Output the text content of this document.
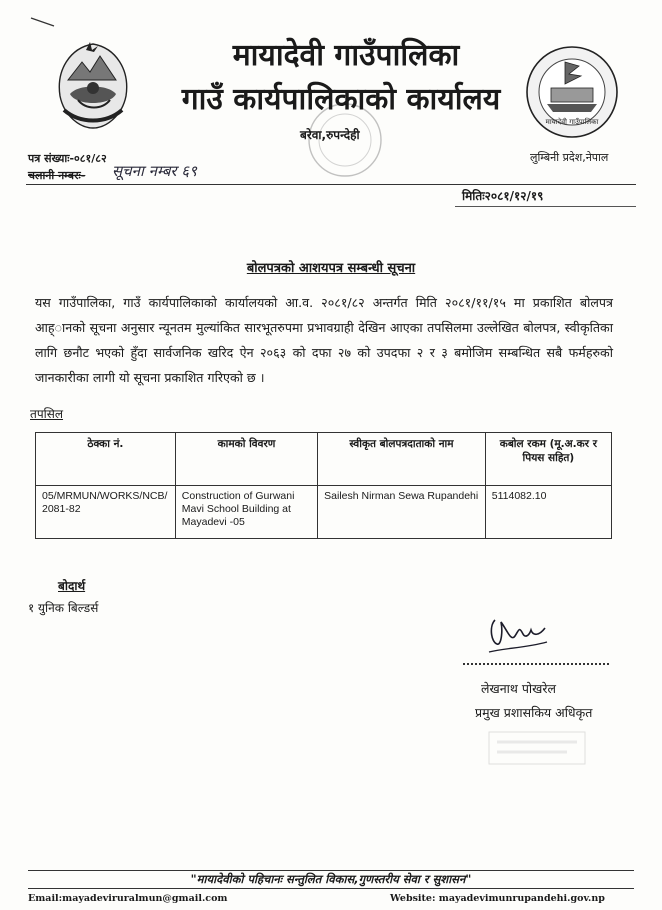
मायादेवी गाउँपालिका
मायादेवी गाउँपालिका
गाउँ कार्यपालिकाको कार्यालय
बरेवा,रुपन्देही
लुम्बिनी प्रदेश,नेपाल
पत्र संख्याः-०८१/८२
चलानी नम्बरः- सूचना नम्बर ६९
मितिः२०८१/१२/१९
बोलपत्रको आशयपत्र सम्बन्धी सूचना
यस गाउँपालिका, गाउँ कार्यपालिकाको कार्यालयको आ.व. २०८१/८२ अन्तर्गत मिति २०८१/११/१५ मा प्रकाशित बोलपत्र आह्ानको सूचना अनुसार न्यूनतम मुल्यांकित सारभूतरुपमा प्रभावग्राही देखिन आएका तपसिलमा उल्लेखित बोलपत्र, स्वीकृतिका लागि छनौट भएको हुँदा सार्वजनिक खरिद ऐन २०६३ को दफा २७ को उपदफा २ र ३ बमोजिम सम्बन्धित सबै फर्महरुको जानकारीका लागी यो सूचना प्रकाशित गरिएको छ ।
तपसिल
ठेक्का नं.	कामको विवरण	स्वीकृत बोलपत्रदाताको नाम	कबोल रकम (मू.अ.कर र पियस सहित)
05/MRMUN/WORKS/NCB/ 2081-82	Construction of Gurwani Mavi School Building at Mayadevi -05	Sailesh Nirman Sewa Rupandehi	5114082.10
बोदार्थ
१ युनिक बिल्डर्स
लेखनाथ पोखरेल
प्रमुख प्रशासकिय अधिकृत
"मायादेवीको पहिचानः सन्तुलित विकास,गुणस्तरीय सेवा र सुशासन"
Email:mayadeviruralmun@gmail.com	Website: mayadevimunrupandehi.gov.np
